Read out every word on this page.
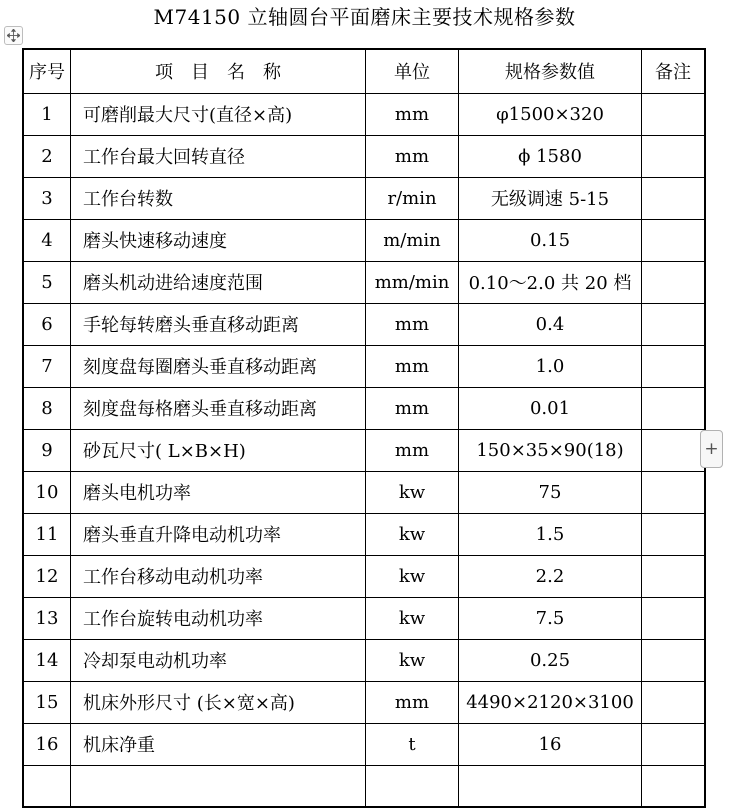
M74150 立轴圆台平面磨床主要技术规格参数
序号	项　目　名　称	单位	规格参数值	备注
1	可磨削最大尺寸(直径×高)	mm	φ1500×320	
2	工作台最大回转直径	mm	ϕ 1580	
3	工作台转数	r/min	无级调速 5-15	
4	磨头快速移动速度	m/min	0.15	
5	磨头机动进给速度范围	mm/min	0.10～2.0 共 20 档	
6	手轮每转磨头垂直移动距离	mm	0.4	
7	刻度盘每圈磨头垂直移动距离	mm	1.0	
8	刻度盘每格磨头垂直移动距离	mm	0.01	
9	砂瓦尺寸( L×B×H)	mm	150×35×90(18)	
10	磨头电机功率	kw	75	
11	磨头垂直升降电动机功率	kw	1.5	
12	工作台移动电动机功率	kw	2.2	
13	工作台旋转电动机功率	kw	7.5	
14	冷却泵电动机功率	kw	0.25	
15	机床外形尺寸 (长×宽×高)	mm	4490×2120×3100	
16	机床净重	t	16	

+
